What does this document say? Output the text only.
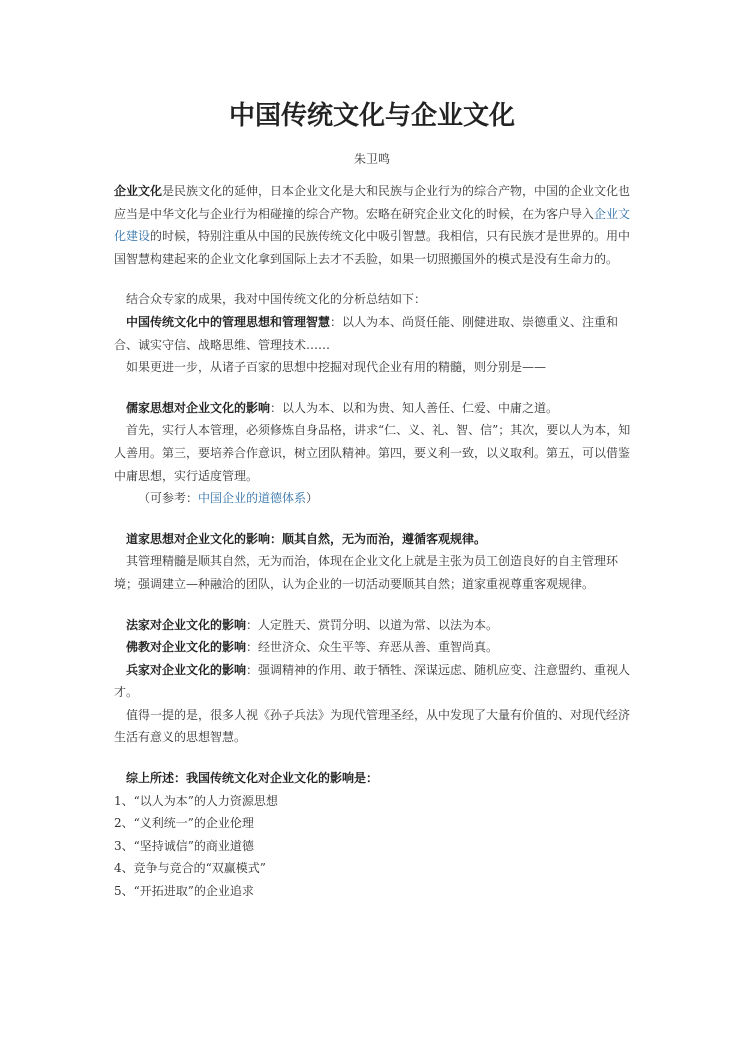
中国传统文化与企业文化
朱卫鸣

企业文化是民族文化的延伸，日本企业文化是大和民族与企业行为的综合产物，中国的企业文化也应当是中华文化与企业行为相碰撞的综合产物。宏略在研究企业文化的时候，在为客户导入企业文化建设的时候，特别注重从中国的民族传统文化中吸引智慧。我相信，只有民族才是世界的。用中国智慧构建起来的企业文化拿到国际上去才不丢脸，如果一切照搬国外的模式是没有生命力的。

结合众专家的成果，我对中国传统文化的分析总结如下：

中国传统文化中的管理思想和管理智慧：以人为本、尚贤任能、刚健进取、崇德重义、注重和合、诚实守信、战略思维、管理技术……

如果更进一步，从诸子百家的思想中挖掘对现代企业有用的精髓，则分别是——

儒家思想对企业文化的影响：以人为本、以和为贵、知人善任、仁爱、中庸之道。

首先，实行人本管理，必须修炼自身品格，讲求“仁、义、礼、智、信”；其次，要以人为本，知人善用。第三，要培养合作意识，树立团队精神。第四，要义利一致，以义取利。第五，可以借鉴中庸思想，实行适度管理。

（可参考：中国企业的道德体系）

道家思想对企业文化的影响：顺其自然，无为而治，遵循客观规律。

其管理精髓是顺其自然，无为而治，体现在企业文化上就是主张为员工创造良好的自主管理环境；强调建立—种融洽的团队，认为企业的一切活动要顺其自然；道家重视尊重客观规律。

法家对企业文化的影响：人定胜天、赏罚分明、以道为常、以法为本。

佛教对企业文化的影响：经世济众、众生平等、弃恶从善、重智尚真。

兵家对企业文化的影响：强调精神的作用、敢于牺牲、深谋远虑、随机应变、注意盟约、重视人才。

值得一提的是，很多人视《孙子兵法》为现代管理圣经，从中发现了大量有价值的、对现代经济生活有意义的思想智慧。

综上所述：我国传统文化对企业文化的影响是：

1、“以人为本”的人力资源思想

2、“义利统一”的企业伦理

3、“坚持诚信”的商业道德

4、竞争与竞合的“双赢模式”

5、“开拓进取”的企业追求
